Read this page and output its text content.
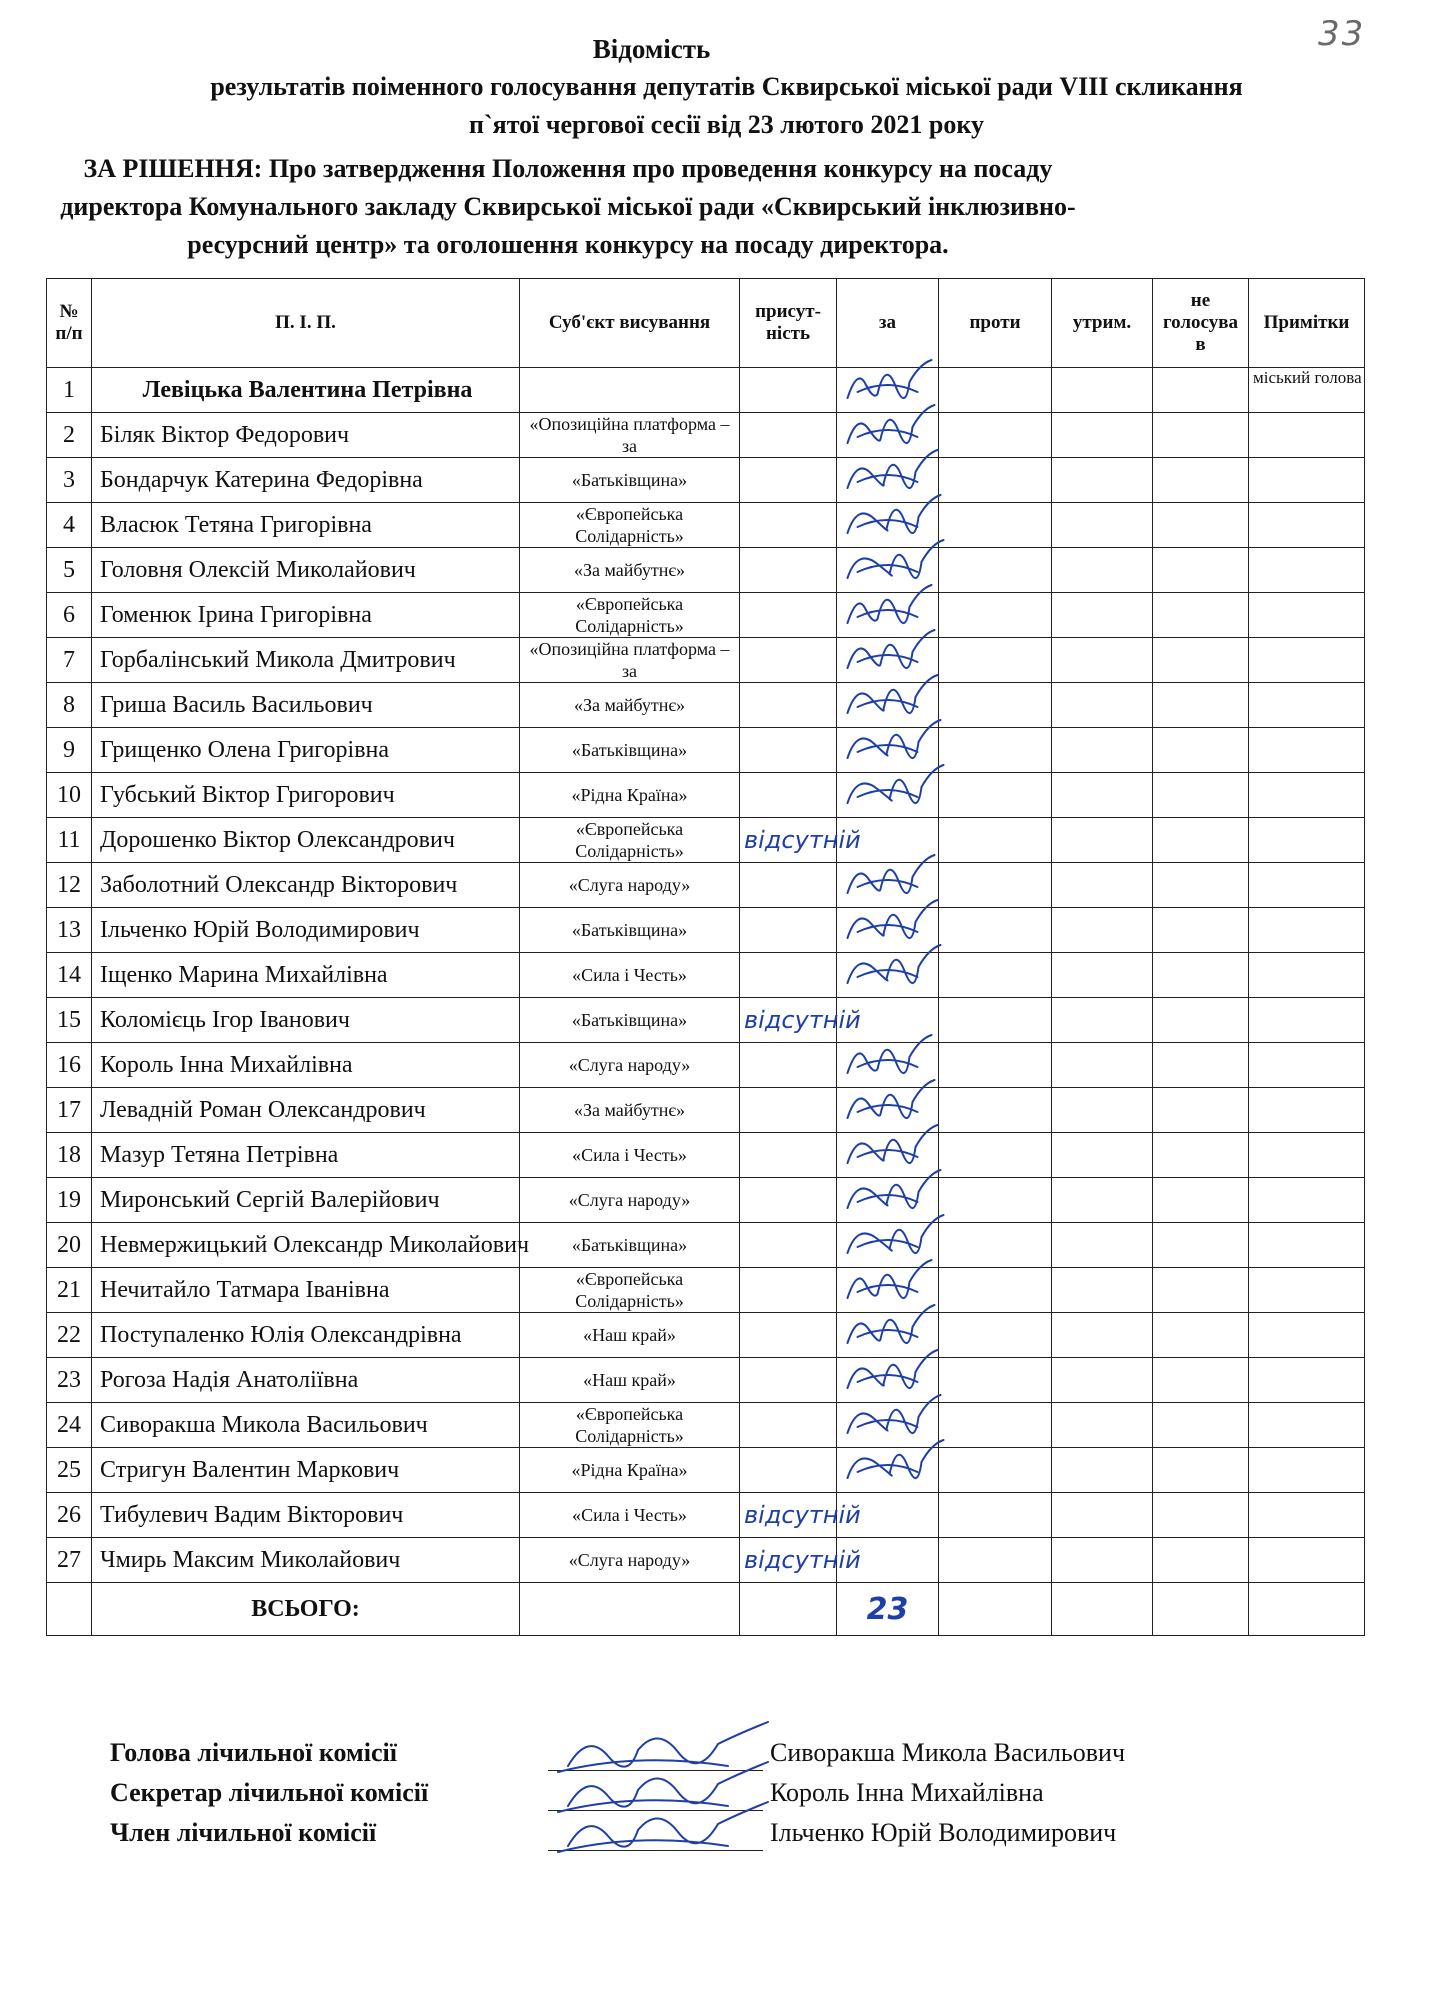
33
Відомість
результатів поіменного голосування депутатів Сквирської міської ради VIII скликання
п`ятої чергової сесії від 23 лютого 2021 року
ЗА РІШЕННЯ: Про затвердження Положення про проведення конкурсу на посаду директора Комунального закладу Сквирської міської ради «Сквирський інклюзивно-ресурсний центр» та оголошення конкурсу на посаду директора.
№ п/п	П. І. П.	Суб'єкт висування	присут-ність	за	проти	утрим.	не голосува в	Примітки
1	Левіцька Валентина Петрівна							міський голова
2	Біляк Віктор Федорович	«Опозиційна платформа – за						
3	Бондарчук Катерина Федорівна	«Батьківщина»						
4	Власюк Тетяна Григорівна	«Європейська Солідарність»						
5	Головня Олексій Миколайович	«За майбутнє»						
6	Гоменюк Ірина Григорівна	«Європейська Солідарність»						
7	Горбалінський Микола Дмитрович	«Опозиційна платформа – за						
8	Гриша Василь Васильович	«За майбутнє»						
9	Грищенко Олена Григорівна	«Батьківщина»						
10	Губський Віктор Григорович	«Рідна Країна»						
11	Дорошенко Віктор Олександрович	«Європейська Солідарність»	відсутній					
12	Заболотний Олександр Вікторович	«Слуга народу»						
13	Ільченко Юрій Володимирович	«Батьківщина»						
14	Іщенко Марина Михайлівна	«Сила і Честь»						
15	Коломієць Ігор Іванович	«Батьківщина»	відсутній					
16	Король Інна Михайлівна	«Слуга народу»						
17	Левадній Роман Олександрович	«За майбутнє»						
18	Мазур Тетяна Петрівна	«Сила і Честь»						
19	Миронський Сергій Валерійович	«Слуга народу»						
20	Невмержицький Олександр Миколайович	«Батьківщина»						
21	Нечитайло Татмара Іванівна	«Європейська Солідарність»						
22	Поступаленко Юлія Олександрівна	«Наш край»						
23	Рогоза Надія Анатоліївна	«Наш край»						
24	Сиворакша Микола Васильович	«Європейська Солідарність»						
25	Стригун Валентин Маркович	«Рідна Країна»						
26	Тибулевич Вадим Вікторович	«Сила і Честь»	відсутній					
27	Чмирь Максим Миколайович	«Слуга народу»	відсутній					
	ВСЬОГО:			23				
Голова лічильної комісії	Сиворакша Микола Васильович
Секретар лічильної комісії	Король Інна Михайлівна
Член лічильної комісії	Ільченко Юрій Володимирович
